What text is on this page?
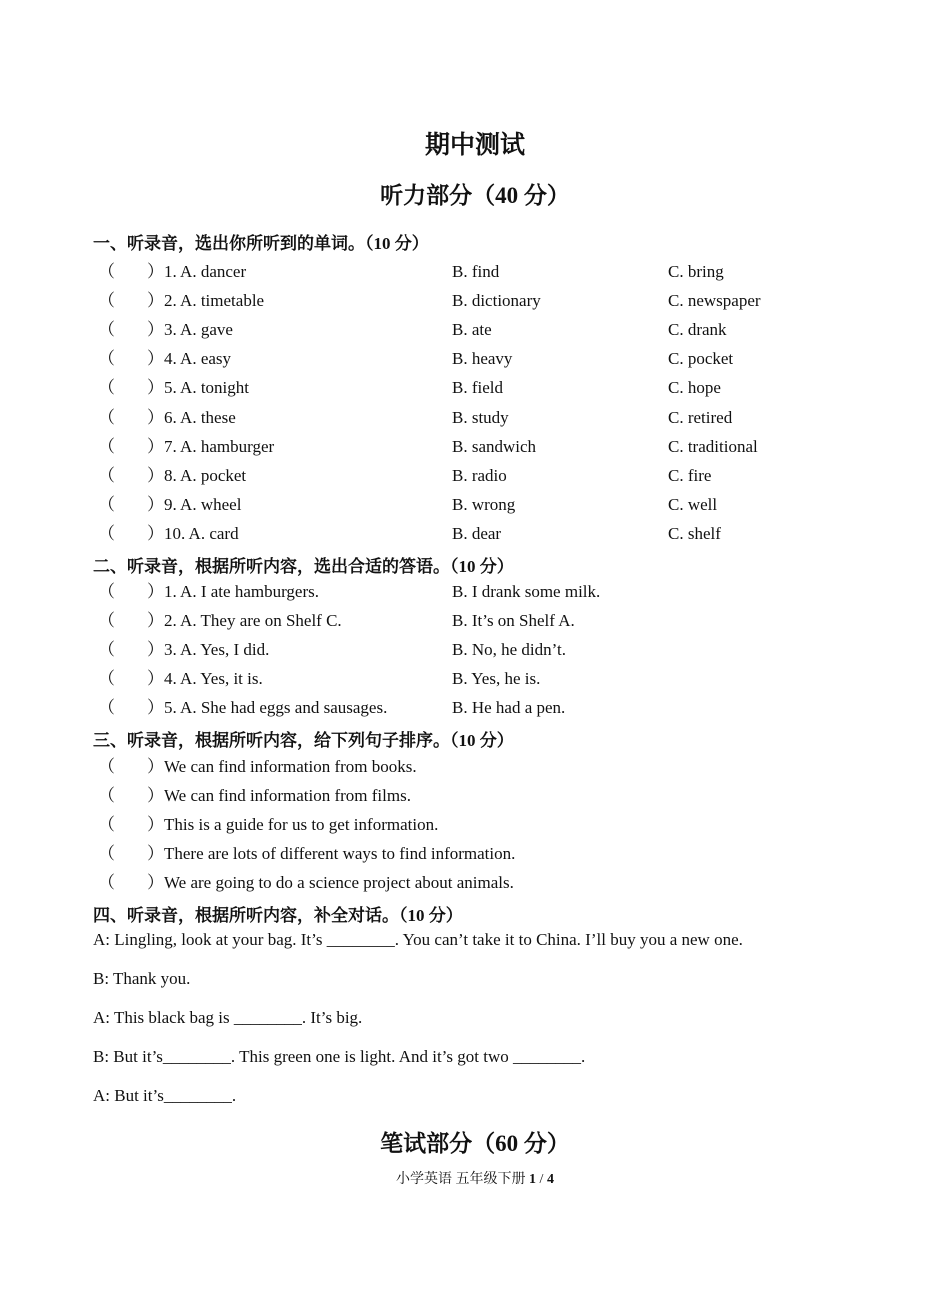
期中测试
听力部分（40 分）
一、听录音，选出你所听到的单词。（10 分）
（ ） 1. A. dancer	B. find	C. bring
（ ） 2. A. timetable	B. dictionary	C. newspaper
（ ） 3. A. gave	B. ate	C. drank
（ ） 4. A. easy	B. heavy	C. pocket
（ ） 5. A. tonight	B. field	C. hope
（ ） 6. A. these	B. study	C. retired
（ ） 7. A. hamburger	B. sandwich	C. traditional
（ ） 8. A. pocket	B. radio	C. fire
（ ） 9. A. wheel	B. wrong	C. well
（ ） 10. A. card	B. dear	C. shelf
二、听录音，根据所听内容，选出合适的答语。（10 分）
（ ） 1. A. I ate hamburgers.	B. I drank some milk.
（ ） 2. A. They are on Shelf C.	B. It’s on Shelf A.
（ ） 3. A. Yes, I did.	B. No, he didn’t.
（ ） 4. A. Yes, it is.	B. Yes, he is.
（ ） 5. A. She had eggs and sausages.	B. He had a pen.
三、听录音，根据所听内容，给下列句子排序。（10 分）
（ ） We can find information from books.
（ ） We can find information from films.
（ ） This is a guide for us to get information.
（ ） There are lots of different ways to find information.
（ ） We are going to do a science project about animals.
四、听录音，根据所听内容，补全对话。（10 分）
A: Lingling, look at your bag. It’s ________. You can’t take it to China. I’ll buy you a new one.
B: Thank you.
A: This black bag is ________. It’s big.
B: But it’s________. This green one is light. And it’s got two ________.
A: But it’s________.
笔试部分（60 分）
小学英语 五年级下册 1 / 4
